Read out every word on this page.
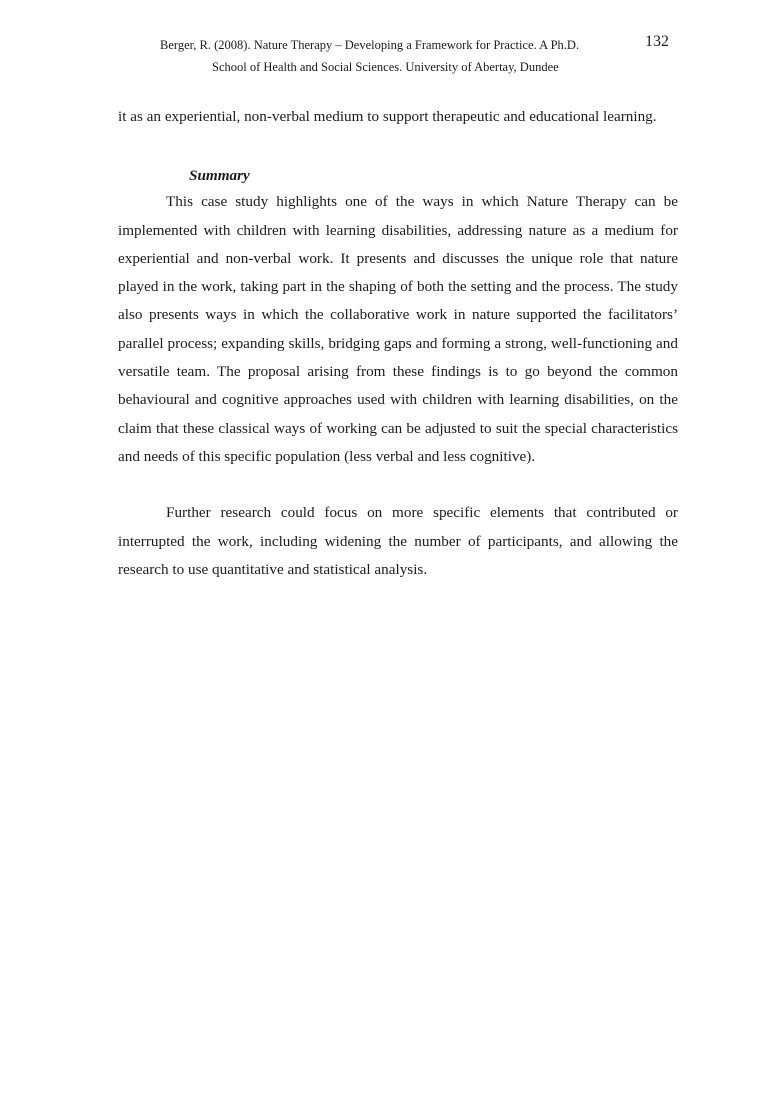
Berger, R. (2008). Nature Therapy – Developing a Framework for Practice. A Ph.D.	132
School of Health and Social Sciences. University of Abertay, Dundee

it as an experiential, non-verbal medium to support therapeutic and educational learning.

Summary

This case study highlights one of the ways in which Nature Therapy can be implemented with children with learning disabilities, addressing nature as a medium for experiential and non-verbal work. It presents and discusses the unique role that nature played in the work, taking part in the shaping of both the setting and the process. The study also presents ways in which the collaborative work in nature supported the facilitators’ parallel process; expanding skills, bridging gaps and forming a strong, well-functioning and versatile team. The proposal arising from these findings is to go beyond the common behavioural and cognitive approaches used with children with learning disabilities, on the claim that these classical ways of working can be adjusted to suit the special characteristics and needs of this specific population (less verbal and less cognitive).

Further research could focus on more specific elements that contributed or interrupted the work, including widening the number of participants, and allowing the research to use quantitative and statistical analysis.
